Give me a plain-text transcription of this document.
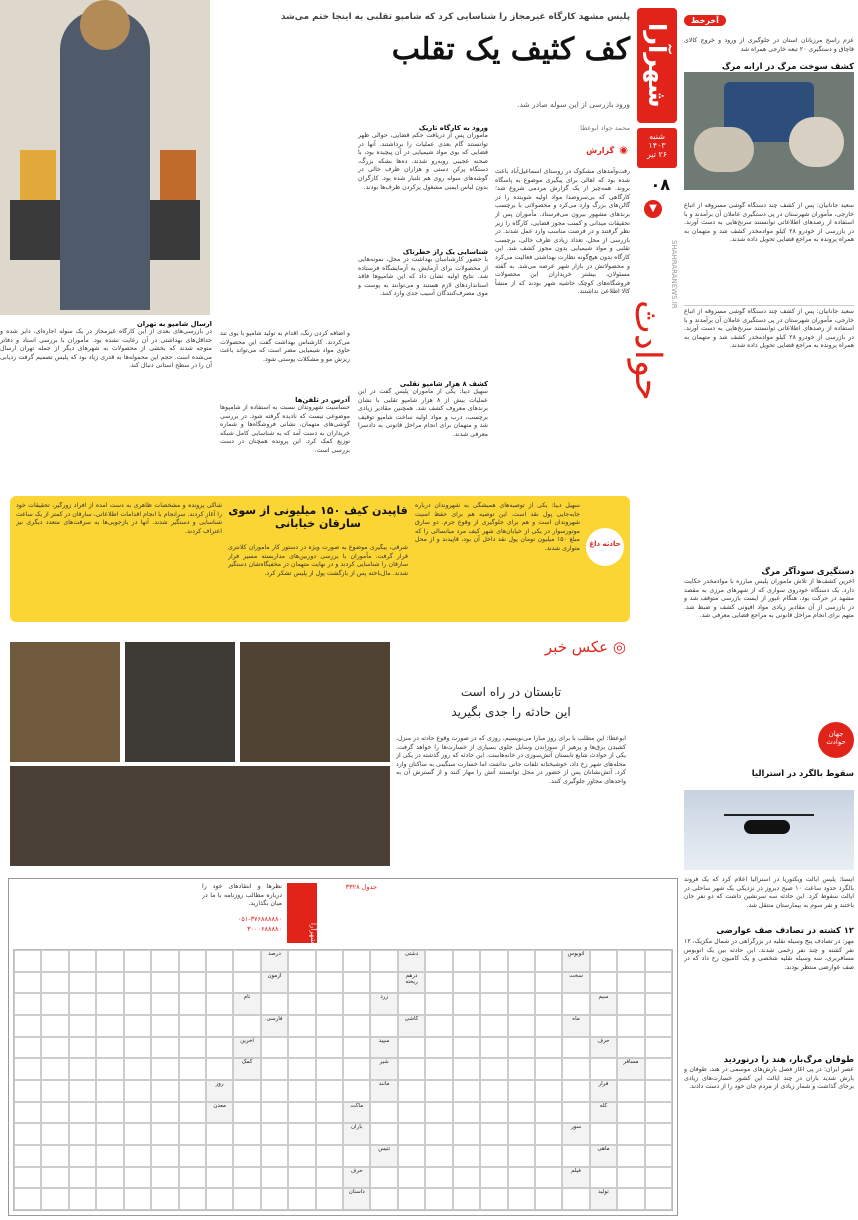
آخرخط
عزم راسخ مرزبانان استان در جلوگیری از ورود و خروج کالای قاچاق و دستگیری ۲۰ تبعه خارجی همراه شد
کشف سوخت مرگ در ارابه مرگ
سعید جانانیان: پس از کشف چند دستگاه گوشی مسروقه از اتباع خارجی، مأموران شهرستان در پی دستگیری عاملان آن برآمدند و با استفاده از رصدهای اطلاعاتی توانستند سرنخ‌هایی به دست آورند. در بازرسی از خودرو ۲۸ کیلو موادمخدر کشف شد و متهمان به همراه پرونده به مراجع قضایی تحویل داده شدند.
سعید جانانیان: پس از کشف چند دستگاه گوشی مسروقه از اتباع خارجی، مأموران شهرستان در پی دستگیری عاملان آن برآمدند و با استفاده از رصدهای اطلاعاتی توانستند سرنخ‌هایی به دست آورند. در بازرسی از خودرو ۲۸ کیلو موادمخدر کشف شد و متهمان به همراه پرونده به مراجع قضایی تحویل داده شدند.
دستگیری سودآگر مرگ
آخرین کشف‌ها از تلاش مأموران پلیس مبارزه با موادمخدر حکایت دارد. یک دستگاه خودروی سواری که از شهرهای مرزی به مقصد مشهد در حرکت بود، هنگام عبور از ایست بازرسی متوقف شد و در بازرسی از آن مقادیر زیادی مواد افیونی کشف و ضبط شد. متهم برای انجام مراحل قانونی به مراجع قضایی معرفی شد.
جهان حوادث
سقوط بالگرد در استرالیا
ایسنا: پلیس ایالت ویکتوریا در استرالیا اعلام کرد که یک فروند بالگرد حدود ساعت ۱۰ صبح دیروز در نزدیکی یک شهر ساحلی در ایالت سقوط کرد. این حادثه سه سرنشین داشت که دو نفر جان باختند و نفر سوم به بیمارستان منتقل شد.
۱۲ کشته در تصادف صف عوارضی
مهر: در تصادف پنج وسیله نقلیه در بزرگراهی در شمال مکزیک، ۱۲ نفر کشته و چند نفر زخمی شدند. این حادثه بین یک اتوبوس مسافربری، سه وسیله نقلیه شخصی و یک کامیون رخ داد که در صف عوارضی منتظر بودند.
طوفان مرگ‌بار، هند را درنوردید
عصر ایران: در پی آغاز فصل بارش‌های موسمی در هند، طوفان و بارش شدید باران در چند ایالت این کشور خسارت‌های زیادی برجای گذاشت و شمار زیادی از مردم جان خود را از دست دادند.
شهرآرا
شنبه
۱۴۰۳
۲۶ تیر
۰۸
▼
SHAHRARANEWS.IR
حوادث
پلیس مشهد کارگاه غیرمجاز را شناسایی کرد که شامپو تقلبی به اینجا ختم می‌شد
کف کثیف یک تقلب
ورود بازرسی از این سوله صادر شد.
محمد جواد ابوعطا
◉ گزارش
رفت‌وآمدهای مشکوک در روستای اسماعیل‌آباد باعث شده بود که اهالی برای پیگیری موضوع به پاسگاه بروند. همه‌چیز از یک گزارش مردمی شروع شد؛ کارگاهی که بی‌سروصدا مواد اولیه شوینده را در گالن‌های بزرگ وارد می‌کرد و محصولاتی با برچسب برندهای مشهور بیرون می‌فرستاد. مأموران پس از تحقیقات میدانی و کسب مجوز قضایی، کارگاه را زیر نظر گرفتند و در فرصت مناسب وارد عمل شدند. در بازرسی از محل، تعداد زیادی ظرف خالی، برچسب تقلبی و مواد شیمیایی بدون مجوز کشف شد. این کارگاه بدون هیچ‌گونه نظارت بهداشتی فعالیت می‌کرد و محصولاتش در بازار شهر عرضه می‌شد. به گفته مسئولان، بیشتر خریداران این محصولات فروشگاه‌های کوچک حاشیه شهر بودند که از منشأ کالا اطلاعی نداشتند.
ورود به کارگاه تاریک
مأموران پس از دریافت حکم قضایی، حوالی ظهر توانستند گام بعدی عملیات را برداشتند. آنها در فضایی که بوی مواد شیمیایی در آن پیچیده بود، با صحنه عجیبی روبه‌رو شدند. ده‌ها بشکه بزرگ، دستگاه پرکن دستی و هزاران ظرف خالی در گوشه‌های سوله روی هم تلنبار شده بود. کارگران بدون لباس ایمنی مشغول پرکردن ظرف‌ها بودند.
شناسایی یک راز خطرناک
با حضور کارشناسان بهداشت در محل، نمونه‌هایی از محصولات برای آزمایش به آزمایشگاه فرستاده شد. نتایج اولیه نشان داد که این شامپوها فاقد استانداردهای لازم هستند و می‌توانند به پوست و موی مصرف‌کنندگان آسیب جدی وارد کنند.
کشف ۸ هزار شامپو تقلبی
سهیل دیبا: یکی از مأموران پلیس گفت در این عملیات بیش از ۸ هزار شامپو تقلبی با نشان برندهای معروف کشف شد. همچنین مقادیر زیادی برچسب، درب و مواد اولیه ساخت شامپو توقیف شد و متهمان برای انجام مراحل قانونی به دادسرا معرفی شدند.
و اضافه کردن رنگ، اقدام به تولید شامپو با بوی تند می‌کردند. کارشناس بهداشت گفت این محصولات حاوی مواد شیمیایی مضر است که می‌تواند باعث ریزش مو و مشکلات پوستی شود.
آدرس در تلفن‌ها
حساسیت شهروندان نسبت به استفاده از شامپوها موضوعی نیست که نادیده گرفته شود. در بررسی گوشی‌های متهمان، نشانی فروشگاه‌ها و شماره خریداران به دست آمد که به شناسایی کامل شبکه توزیع کمک کرد. این پرونده همچنان در دست بررسی است.
ارسال شامپو به تهران
در بازرسی‌های بعدی از این کارگاه غیرمجاز در یک سوله اجاره‌ای، دایر شده و حداقل‌های بهداشتی در آن رعایت نشده بود. مأموران با بررسی اسناد و دفاتر متوجه شدند که بخشی از محصولات به شهرهای دیگر از جمله تهران ارسال می‌شده است. حجم این محموله‌ها به قدری زیاد بود که پلیس تصمیم گرفت ردیابی آن را در سطح استانی دنبال کند.
حادثه داغ
سهیل دیبا: یکی از توصیه‌های همیشگی به شهروندان درباره جابه‌جایی پول نقد است. این توصیه هم برای حفظ امنیت شهروندان است و هم برای جلوگیری از وقوع جرم. دو سارق موتورسوار در یکی از خیابان‌های شهر کیف مرد میانسالی را که مبلغ ۱۵۰ میلیون تومان پول نقد داخل آن بود، قاپیدند و از محل متواری شدند.
قاپیدن کیف ۱۵۰ میلیونی از سوی سارقان خیابانی
شرقی، پیگیری موضوع به صورت ویژه در دستور کار مأموران کلانتری قرار گرفت. مأموران با بررسی دوربین‌های مداربسته مسیر فرار سارقان را شناسایی کردند و در نهایت متهمان در مخفیگاه‌شان دستگیر شدند. مال‌باخته پس از بازگشت پول از پلیس تشکر کرد.
شاکی پرونده و مشخصات ظاهری به دست آمده از افراد زورگیر، تحقیقات خود را آغاز کردند. سرانجام با انجام اقدامات اطلاعاتی، سارقان در کمتر از یک ساعت شناسایی و دستگیر شدند. آنها در بازجویی‌ها به سرقت‌های متعدد دیگری نیز اعتراف کردند.
◎ عکس خبر
تابستان در راه است
این حادثه را جدی بگیرید
ابوعطا: این مطلب با برای روز مبارا می‌نویسیم، روزی که در صورت وقوع حادثه در منزل، کشیدن برق‌ها و پرهیز از سوزاندن وسایل جلوی بسیاری از خسارت‌ها را خواهد گرفت. یکی از حوادث شایع تابستان آتش‌سوزی در خانه‌هاست. این حادثه که روز گذشته در یکی از محله‌های شهر رخ داد، خوشبختانه تلفات جانی نداشت اما خسارت سنگینی به ساکنان وارد کرد. آتش‌نشانان پس از حضور در محل توانستند آتش را مهار کنند و از گسترش آن به واحدهای مجاور جلوگیری کنند.
جدول ۳۳۲۸
شهرآرا
نظرها و انتقادهای خود را درباره مطالب روزنامه با ما در میان بگذارید.
۰۵۱-۳۷۶۸۸۸۸۸۰
۳۰۰۰۶۸۸۸۸۰
اتوبوس
دشتی
درصد
سخت
درهم ریخته
آزمون
سیم
زرد
نام
ماه
کاشی
فارسی
حرف
سپید
آخرین
مسافر
شیر
کمک
فرار
مانند
روز
کله
ماکت
معدن
سور
باران
ماهی
تنیس
فیلم
حرف
تولید
داستان
